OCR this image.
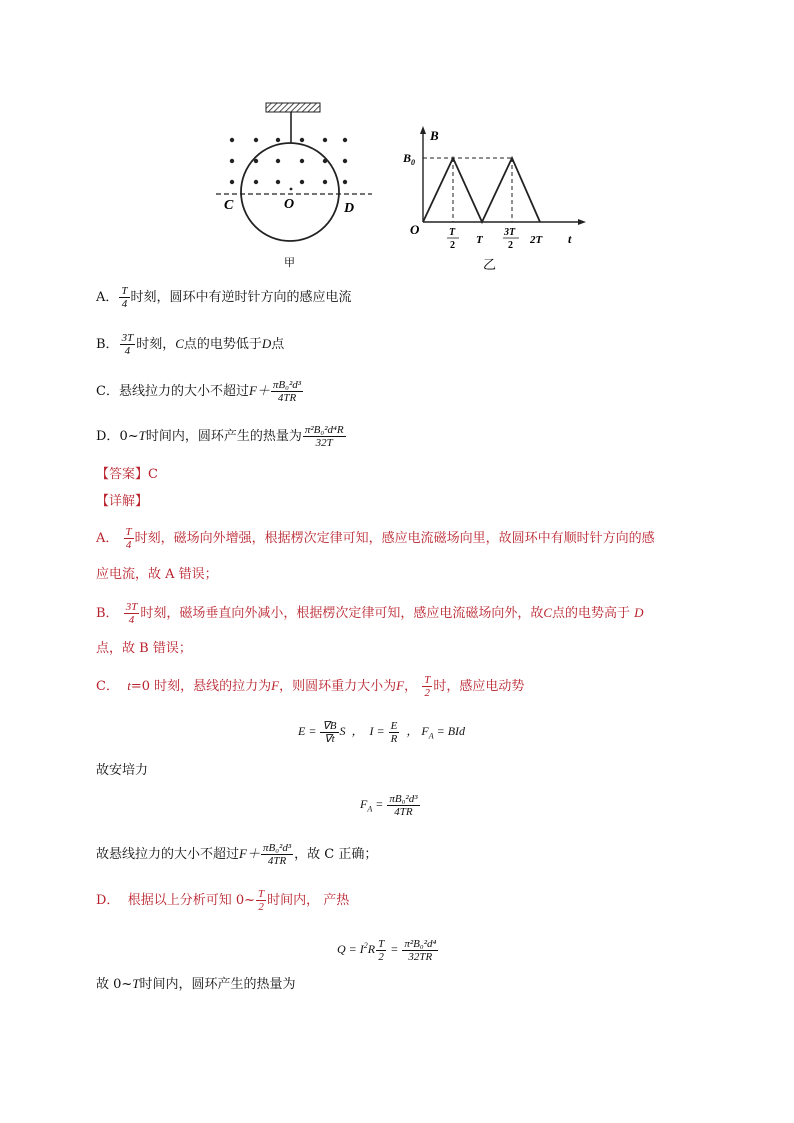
C	O	D
甲
B
$B_0$
O	T
2 T
3T
2 2T t
乙
A． $\frac{T}{4}$ 时刻，圆环中有逆时针方向的感应电流
B． $\frac{3T}{4}$ 时刻，C点的电势低于D点
C．悬线拉力的大小不超过$F+ \frac{\text{πB₀²d³}}{4TR}$
D．0~T时间内，圆环产生的热量为 $\frac{\text{π²B₀²d⁴R}}{32T}$
【答案】C
【详解】
A． $\frac{T}{4}$ 时刻，磁场向外增强，根据楞次定律可知，感应电流磁场向里，故圆环中有顺时针方向的感
应电流，故 A 错误；
B． $\frac{3T}{4}$ 时刻，磁场垂直向外减小，根据楞次定律可知，感应电流磁场向外，故C点的电势高于 D
点，故 B 错误；
C． t=0 时刻，悬线的拉力为F，则圆环重力大小为F， $\frac{T}{2}$ 时，感应电动势
$E = \frac{\nabla B}{\nabla t}$ S ， $I = \frac{E}{R}$ ， $F_A$ = BId
故安培力
$F_A = \frac{\text{πB₀²d³}}{4TR}$
故悬线拉力的大小不超过$F+ \frac{\text{πB₀²d³}}{4TR}$ ，故 C 正确；
D． 根据以上分析可知 0~ $\frac{T}{2}$ 时间内， 产热
$Q = I^2R \frac{T}{2} = \frac{\text{π²B₀²d⁴}}{32TR}$
故 0~T时间内，圆环产生的热量为
